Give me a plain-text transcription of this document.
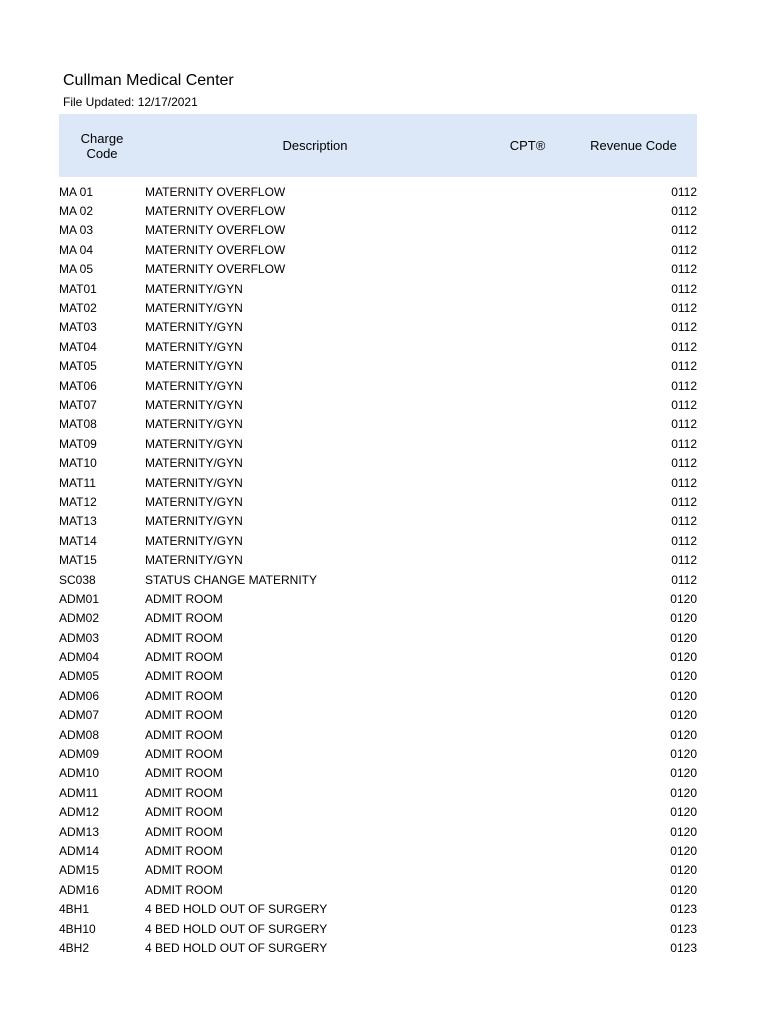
Cullman Medical Center
File Updated: 12/17/2021
Charge
Code	Description	CPT®	Revenue Code

MA 01	MATERNITY OVERFLOW		0112
MA 02	MATERNITY OVERFLOW		0112
MA 03	MATERNITY OVERFLOW		0112
MA 04	MATERNITY OVERFLOW		0112
MA 05	MATERNITY OVERFLOW		0112
MAT01	MATERNITY/GYN		0112
MAT02	MATERNITY/GYN		0112
MAT03	MATERNITY/GYN		0112
MAT04	MATERNITY/GYN		0112
MAT05	MATERNITY/GYN		0112
MAT06	MATERNITY/GYN		0112
MAT07	MATERNITY/GYN		0112
MAT08	MATERNITY/GYN		0112
MAT09	MATERNITY/GYN		0112
MAT10	MATERNITY/GYN		0112
MAT11	MATERNITY/GYN		0112
MAT12	MATERNITY/GYN		0112
MAT13	MATERNITY/GYN		0112
MAT14	MATERNITY/GYN		0112
MAT15	MATERNITY/GYN		0112
SC038	STATUS CHANGE MATERNITY		0112
ADM01	ADMIT ROOM		0120
ADM02	ADMIT ROOM		0120
ADM03	ADMIT ROOM		0120
ADM04	ADMIT ROOM		0120
ADM05	ADMIT ROOM		0120
ADM06	ADMIT ROOM		0120
ADM07	ADMIT ROOM		0120
ADM08	ADMIT ROOM		0120
ADM09	ADMIT ROOM		0120
ADM10	ADMIT ROOM		0120
ADM11	ADMIT ROOM		0120
ADM12	ADMIT ROOM		0120
ADM13	ADMIT ROOM		0120
ADM14	ADMIT ROOM		0120
ADM15	ADMIT ROOM		0120
ADM16	ADMIT ROOM		0120
4BH1	4 BED HOLD OUT OF SURGERY		0123
4BH10	4 BED HOLD OUT OF SURGERY		0123
4BH2	4 BED HOLD OUT OF SURGERY		0123
